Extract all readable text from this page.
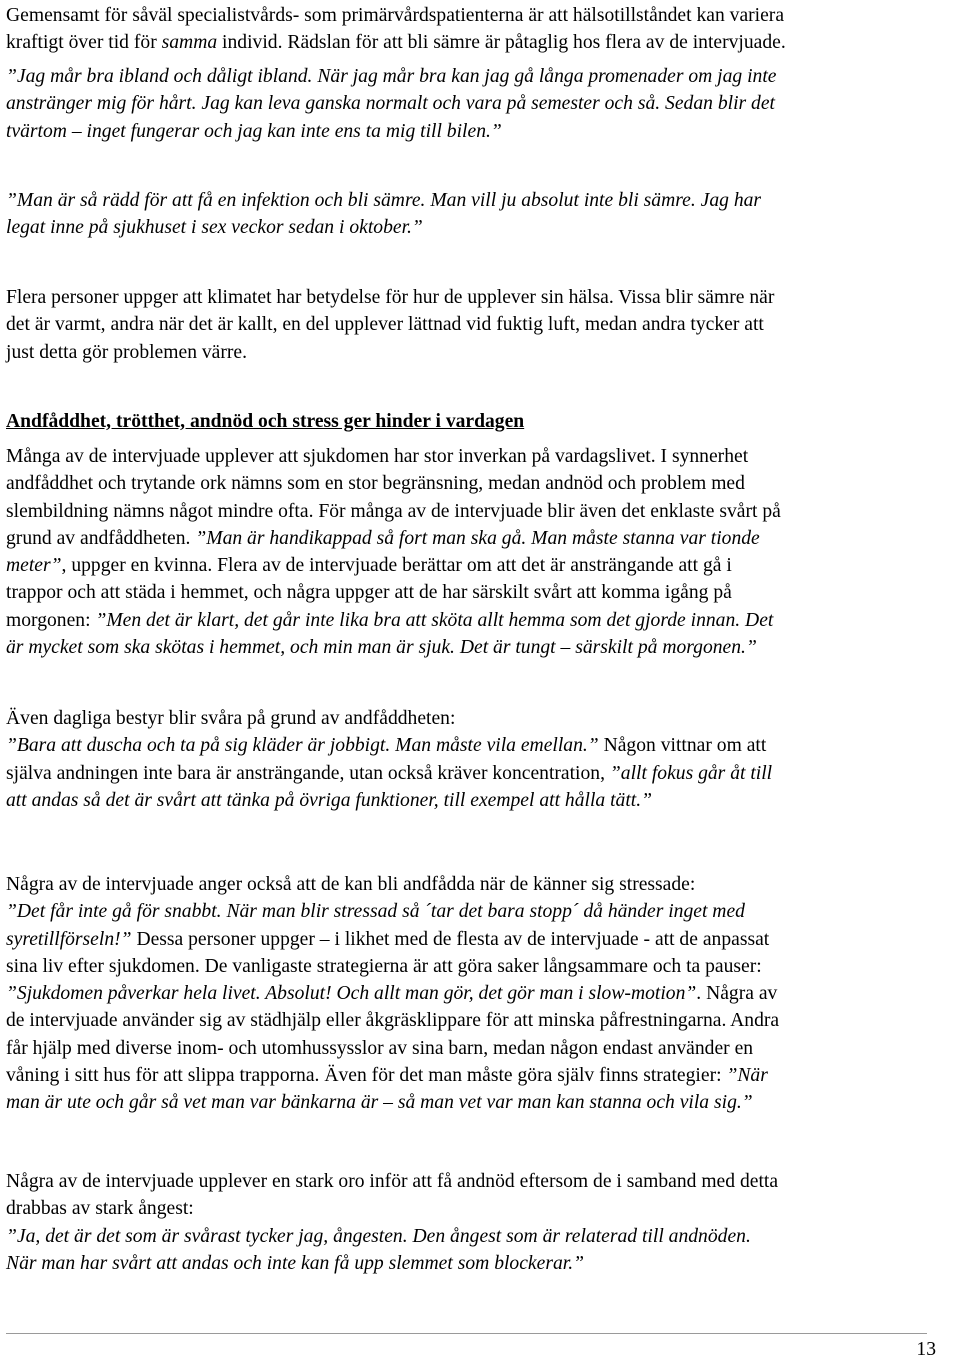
Gemensamt för såväl specialistvårds- som primärvårdspatienterna är att hälsotillståndet kan variera
kraftigt över tid för samma individ. Rädslan för att bli sämre är påtaglig hos flera av de intervjuade.
”Jag mår bra ibland och dåligt ibland. När jag mår bra kan jag gå långa promenader om jag inte
anstränger mig för hårt. Jag kan leva ganska normalt och vara på semester och så. Sedan blir det
tvärtom – inget fungerar och jag kan inte ens ta mig till bilen.”
”Man är så rädd för att få en infektion och bli sämre. Man vill ju absolut inte bli sämre. Jag har
legat inne på sjukhuset i sex veckor sedan i oktober.”
Flera personer uppger att klimatet har betydelse för hur de upplever sin hälsa. Vissa blir sämre när
det är varmt, andra när det är kallt, en del upplever lättnad vid fuktig luft, medan andra tycker att
just detta gör problemen värre.
Andfåddhet, trötthet, andnöd och stress ger hinder i vardagen
Många av de intervjuade upplever att sjukdomen har stor inverkan på vardagslivet. I synnerhet
andfåddhet och trytande ork nämns som en stor begränsning, medan andnöd och problem med
slembildning nämns något mindre ofta. För många av de intervjuade blir även det enklaste svårt på
grund av andfåddheten. ”Man är handikappad så fort man ska gå. Man måste stanna var tionde
meter”, uppger en kvinna. Flera av de intervjuade berättar om att det är ansträngande att gå i
trappor och att städa i hemmet, och några uppger att de har särskilt svårt att komma igång på
morgonen: ”Men det är klart, det går inte lika bra att sköta allt hemma som det gjorde innan. Det
är mycket som ska skötas i hemmet, och min man är sjuk. Det är tungt – särskilt på morgonen.”
Även dagliga bestyr blir svåra på grund av andfåddheten:
”Bara att duscha och ta på sig kläder är jobbigt. Man måste vila emellan.” Någon vittnar om att
själva andningen inte bara är ansträngande, utan också kräver koncentration, ”allt fokus går åt till
att andas så det är svårt att tänka på övriga funktioner, till exempel att hålla tätt.”
Några av de intervjuade anger också att de kan bli andfådda när de känner sig stressade:
”Det får inte gå för snabbt. När man blir stressad så ´tar det bara stopp´ då händer inget med
syretillförseln!” Dessa personer uppger – i likhet med de flesta av de intervjuade - att de anpassat
sina liv efter sjukdomen. De vanligaste strategierna är att göra saker långsammare och ta pauser:
”Sjukdomen påverkar hela livet. Absolut! Och allt man gör, det gör man i slow-motion”. Några av
de intervjuade använder sig av städhjälp eller åkgräsklippare för att minska påfrestningarna. Andra
får hjälp med diverse inom- och utomhussysslor av sina barn, medan någon endast använder en
våning i sitt hus för att slippa trapporna. Även för det man måste göra själv finns strategier: ”När
man är ute och går så vet man var bänkarna är – så man vet var man kan stanna och vila sig.”
Några av de intervjuade upplever en stark oro inför att få andnöd eftersom de i samband med detta
drabbas av stark ångest:
”Ja, det är det som är svårast tycker jag, ångesten. Den ångest som är relaterad till andnöden.
När man har svårt att andas och inte kan få upp slemmet som blockerar.”
13
